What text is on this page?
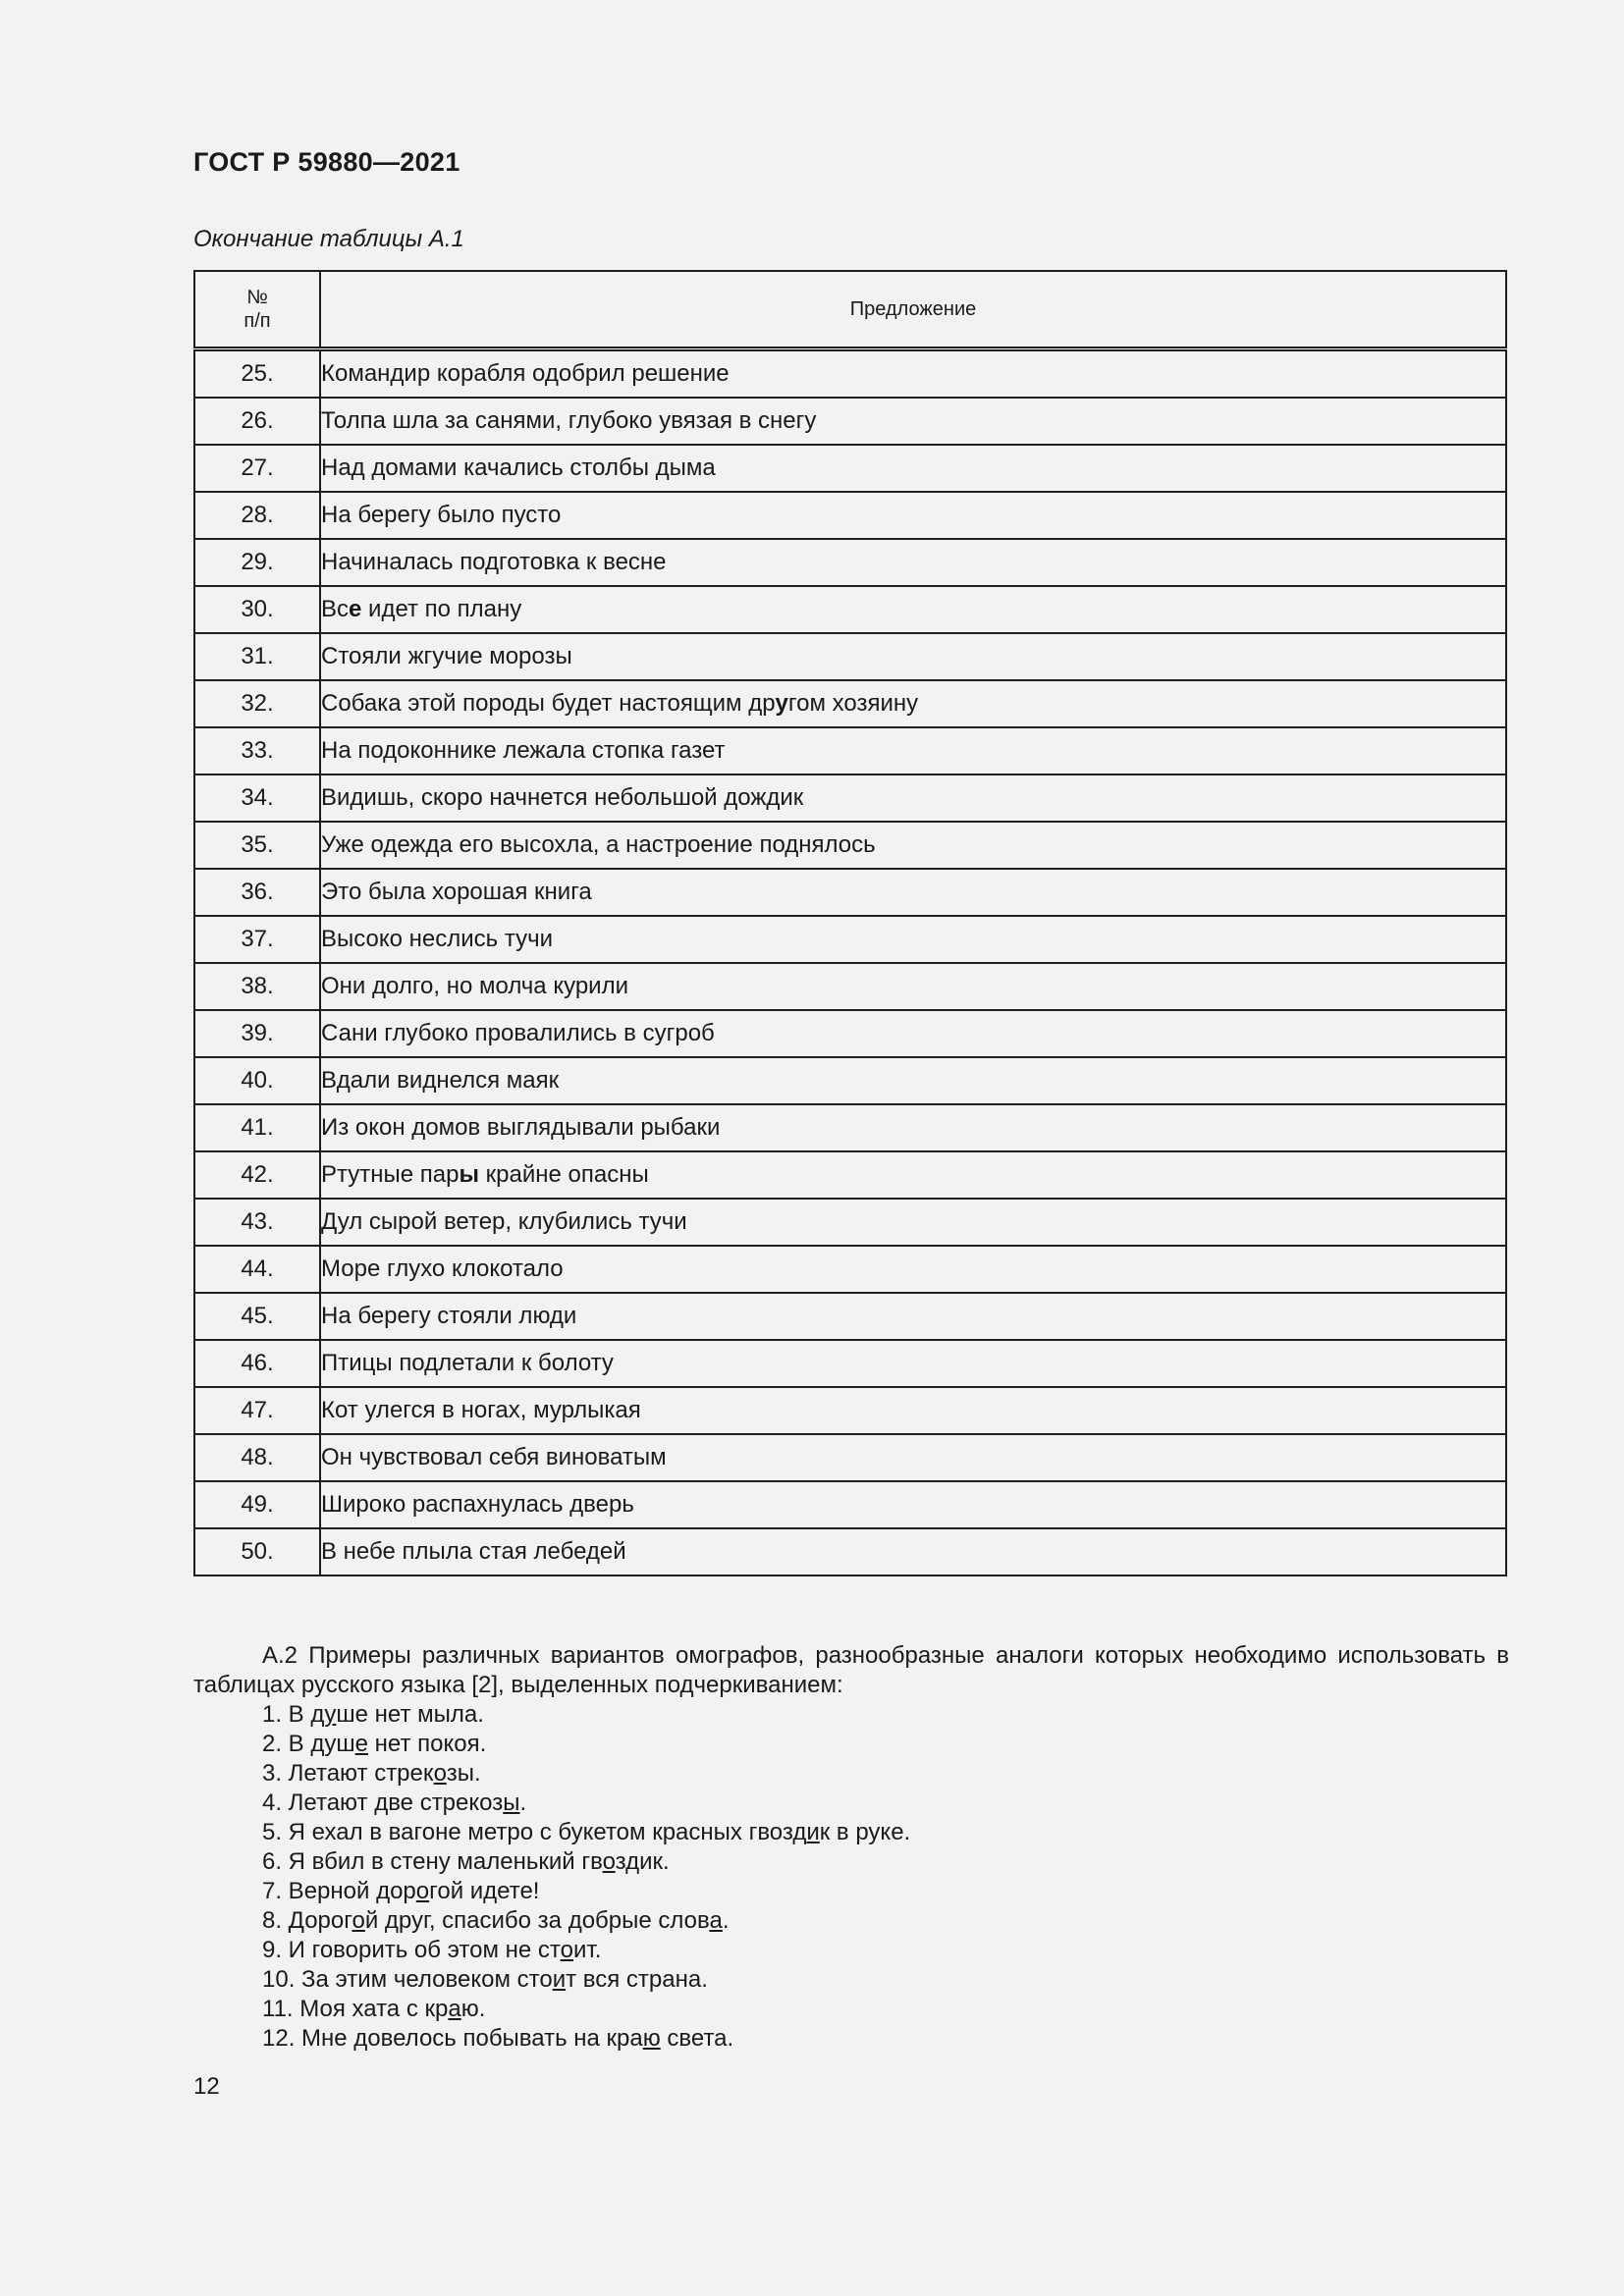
ГОСТ Р 59880—2021
Окончание таблицы А.1
№
п/п	Предложение
25.	Командир корабля одобрил решение
26.	Толпа шла за санями, глубоко увязая в снегу
27.	Над домами качались столбы дыма
28.	На берегу было пусто
29.	Начиналась подготовка к весне
30.	Все идет по плану
31.	Стояли жгучие морозы
32.	Собака этой породы будет настоящим другом хозяину
33.	На подоконнике лежала стопка газет
34.	Видишь, скоро начнется небольшой дождик
35.	Уже одежда его высохла, а настроение поднялось
36.	Это была хорошая книга
37.	Высоко неслись тучи
38.	Они долго, но молча курили
39.	Сани глубоко провалились в сугроб
40.	Вдали виднелся маяк
41.	Из окон домов выглядывали рыбаки
42.	Ртутные пары крайне опасны
43.	Дул сырой ветер, клубились тучи
44.	Море глухо клокотало
45.	На берегу стояли люди
46.	Птицы подлетали к болоту
47.	Кот улегся в ногах, мурлыкая
48.	Он чувствовал себя виноватым
49.	Широко распахнулась дверь
50.	В небе плыла стая лебедей
А.2 Примеры различных вариантов омографов, разнообразные аналоги которых необходимо использовать в таблицах русского языка [2], выделенных подчеркиванием:
1. В душе нет мыла.
2. В душе нет покоя.
3. Летают стрекозы.
4. Летают две стрекозы.
5. Я ехал в вагоне метро с букетом красных гвоздик в руке.
6. Я вбил в стену маленький гвоздик.
7. Верной дорогой идете!
8. Дорогой друг, спасибо за добрые слова.
9. И говорить об этом не стоит.
10. За этим человеком стоит вся страна.
11. Моя хата с краю.
12. Мне довелось побывать на краю света.
12
